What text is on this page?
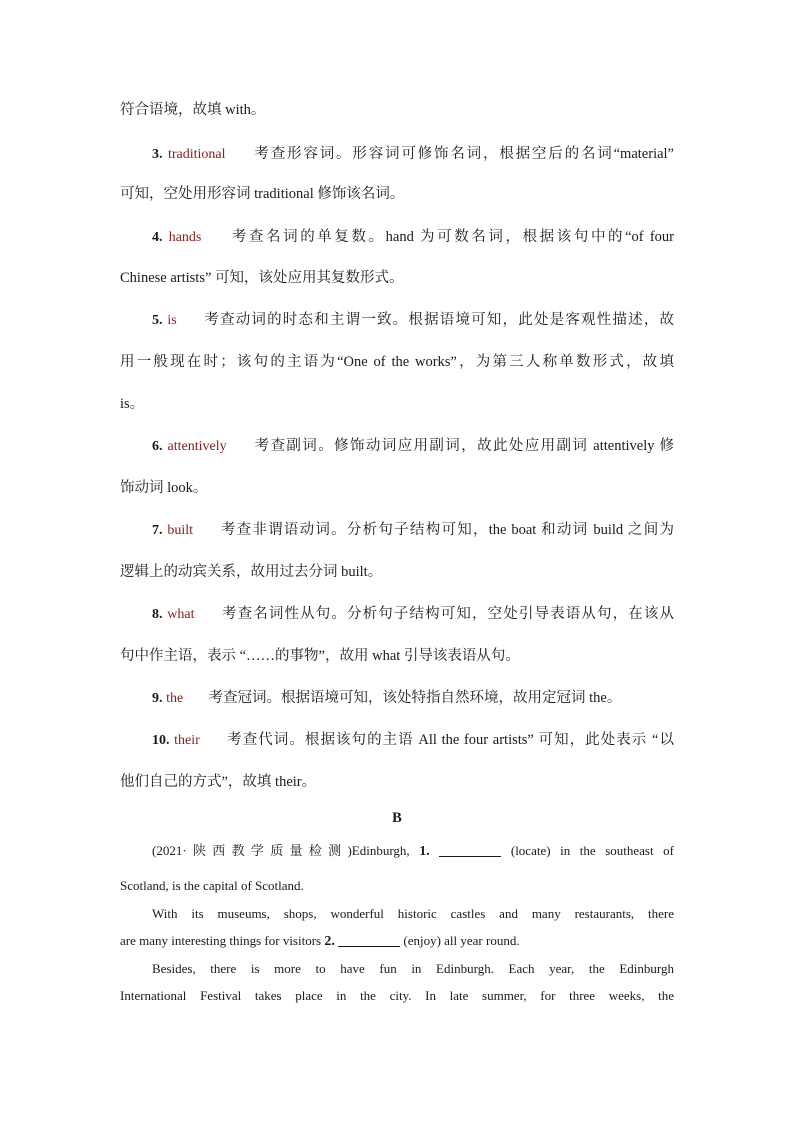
符合语境，故填 with。
3. traditional 考查形容词。形容词可修饰名词，根据空后的名词“material”
可知，空处用形容词 traditional 修饰该名词。
4. hands 考查名词的单复数。hand 为可数名词，根据该句中的“of four
Chinese artists” 可知，该处应用其复数形式。
5. is 考查动词的时态和主谓一致。根据语境可知，此处是客观性描述，故
用一般现在时；该句的主语为“One of the works”，为第三人称单数形式，故填
is。
6. attentively 考查副词。修饰动词应用副词，故此处应用副词 attentively 修
饰动词 look。
7. built 考查非谓语动词。分析句子结构可知，the boat 和动词 build 之间为
逻辑上的动宾关系，故用过去分词 built。
8. what 考查名词性从句。分析句子结构可知，空处引导表语从句，在该从
句中作主语，表示 “……的事物”，故用 what 引导该表语从句。
9. the 考查冠词。根据语境可知，该处特指自然环境，故用定冠词 the。
10. their 考查代词。根据该句的主语 All the four artists” 可知，此处表示 “以
他们自己的方式”，故填 their。
B
(2021·陕西教学质量检测)Edinburgh, 1.	(locate) in the southeast of
Scotland, is the capital of Scotland.
With its museums, shops, wonderful historic castles and many restaurants, there
are many interesting things for visitors 2.	(enjoy) all year round.
Besides, there is more to have fun in Edinburgh. Each year, the Edinburgh
International Festival takes place in the city. In late summer, for three weeks, the
